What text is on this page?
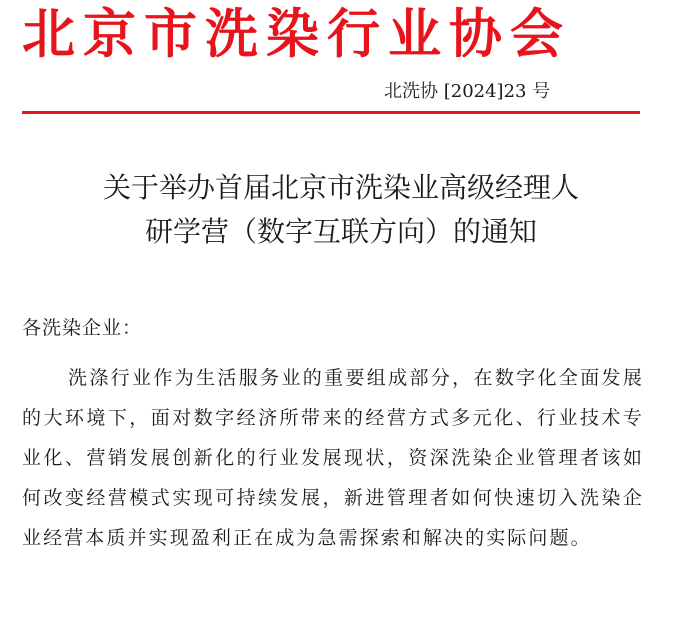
北京市洗染行业协会
北洗协 [2024]23 号
关于举办首届北京市洗染业高级经理人
研学营（数字互联方向）的通知
各洗染企业：

洗涤行业作为生活服务业的重要组成部分，在数字化全面发展的大环境下，面对数字经济所带来的经营方式多元化、行业技术专业化、营销发展创新化的行业发展现状，资深洗染企业管理者该如何改变经营模式实现可持续发展，新进管理者如何快速切入洗染企业经营本质并实现盈利正在成为急需探索和解决的实际问题。
